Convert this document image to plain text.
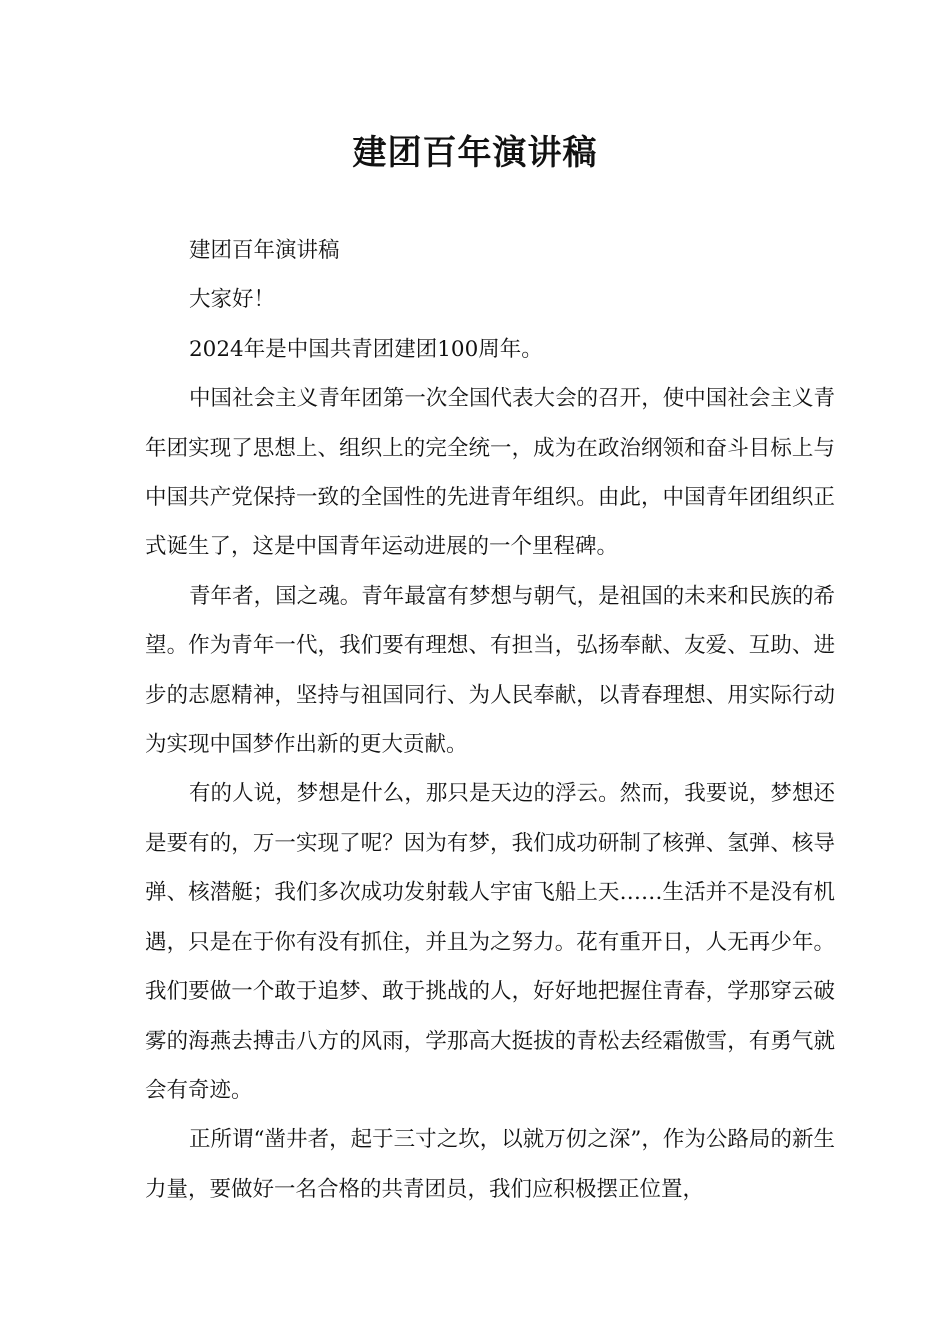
建团百年演讲稿

建团百年演讲稿

大家好！

2024年是中国共青团建团100周年。

中国社会主义青年团第一次全国代表大会的召开，使中国社会主义青年团实现了思想上、组织上的完全统一，成为在政治纲领和奋斗目标上与中国共产党保持一致的全国性的先进青年组织。由此，中国青年团组织正式诞生了，这是中国青年运动进展的一个里程碑。

青年者，国之魂。青年最富有梦想与朝气，是祖国的未来和民族的希望。作为青年一代，我们要有理想、有担当，弘扬奉献、友爱、互助、进步的志愿精神，坚持与祖国同行、为人民奉献，以青春理想、用实际行动为实现中国梦作出新的更大贡献。

有的人说，梦想是什么，那只是天边的浮云。然而，我要说，梦想还是要有的，万一实现了呢？因为有梦，我们成功研制了核弹、氢弹、核导弹、核潜艇；我们多次成功发射载人宇宙飞船上天……生活并不是没有机遇，只是在于你有没有抓住，并且为之努力。花有重开日，人无再少年。我们要做一个敢于追梦、敢于挑战的人，好好地把握住青春，学那穿云破雾的海燕去搏击八方的风雨，学那高大挺拔的青松去经霜傲雪，有勇气就会有奇迹。

正所谓“凿井者，起于三寸之坎，以就万仞之深”，作为公路局的新生力量，要做好一名合格的共青团员，我们应积极摆正位置，
